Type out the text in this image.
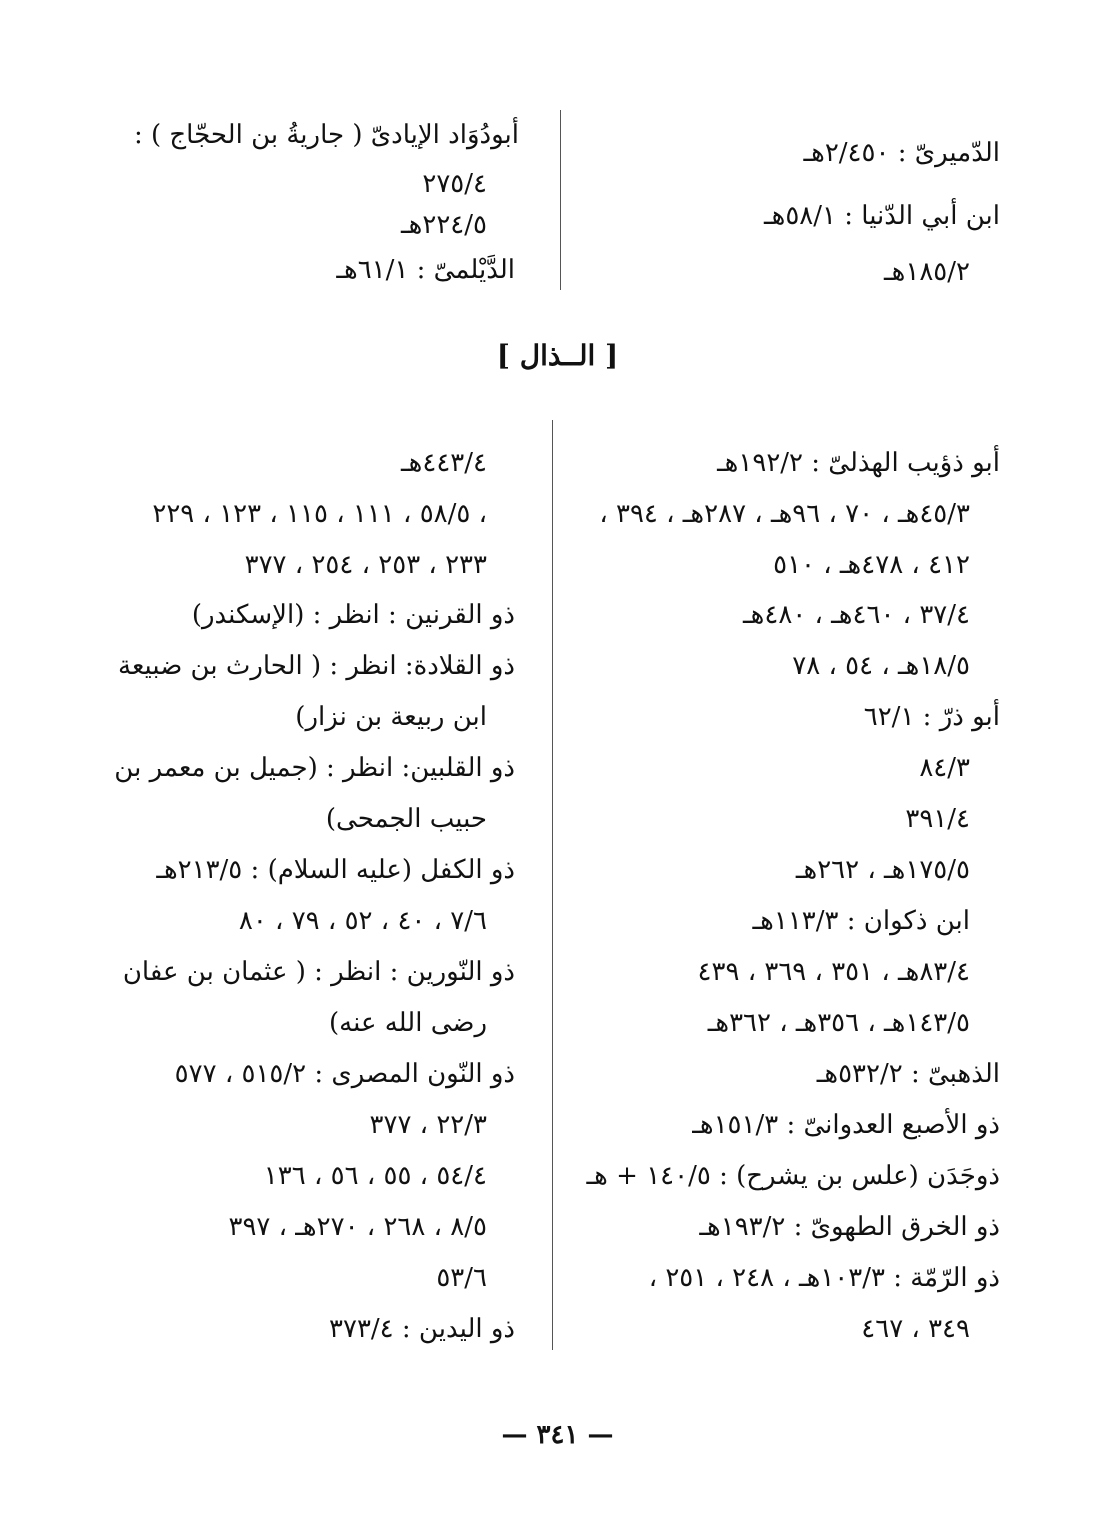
الدّميرىّ : ٢/٤٥٠هـ
ابن أبي الدّنيا : ٥٨/١هـ
١٨٥/٢هـ
أبودُوَاد الإيادىّ ( جاريةُ بن الحجّاج ) :
٢٧٥/٤
٢٢٤/٥هـ
الدَّيْلمىّ : ٦١/١هـ
[ الــذال ]
أبو ذؤيب الهذلىّ : ١٩٢/٢هـ
٤٥/٣هـ ، ٧٠ ، ٩٦هـ ، ٢٨٧هـ ، ٣٩٤ ،
٤١٢ ، ٤٧٨هـ ، ٥١٠
٣٧/٤ ، ٤٦٠هـ ، ٤٨٠هـ
١٨/٥هـ ، ٥٤ ، ٧٨
أبو ذرّ : ٦٢/١
٨٤/٣
٣٩١/٤
١٧٥/٥هـ ، ٢٦٢هـ
ابن ذكوان : ١١٣/٣هـ
٨٣/٤هـ ، ٣٥١ ، ٣٦٩ ، ٤٣٩
١٤٣/٥هـ ، ٣٥٦هـ ، ٣٦٢هـ
الذهبىّ : ٥٣٢/٢هـ
ذو الأصبع العدوانىّ : ١٥١/٣هـ
ذوجَدَن (علس بن يشرح) : ١٤٠/٥ + هـ
ذو الخرق الطهوىّ : ١٩٣/٢هـ
ذو الرّمّة : ١٠٣/٣هـ ، ٢٤٨ ، ٢٥١ ،
٣٤٩ ، ٤٦٧
٤٤٣/٤هـ
٥٨/٥ ، ١١١ ، ١١٥ ، ١٢٣ ، ٢٢٩ ،
٢٣٣ ، ٢٥٣ ، ٢٥٤ ، ٣٧٧
ذو القرنين : انظر : (الإسكندر)
ذو القلادة: انظر : ( الحارث بن ضبيعة
ابن ربيعة بن نزار)
ذو القلبين: انظر : (جميل بن معمر بن
حبيب الجمحى)
ذو الكفل (عليه السلام) : ٢١٣/٥هـ
٧/٦ ، ٤٠ ، ٥٢ ، ٧٩ ، ٨٠
ذو النّورين : انظر : ( عثمان بن عفان
رضى الله عنه)
ذو النّون المصرى : ٥١٥/٢ ، ٥٧٧
٢٢/٣ ، ٣٧٧
٥٤/٤ ، ٥٥ ، ٥٦ ، ١٣٦
٨/٥ ، ٢٦٨ ، ٢٧٠هـ ، ٣٩٧
٥٣/٦
ذو اليدين : ٣٧٣/٤
— ٣٤١ —
